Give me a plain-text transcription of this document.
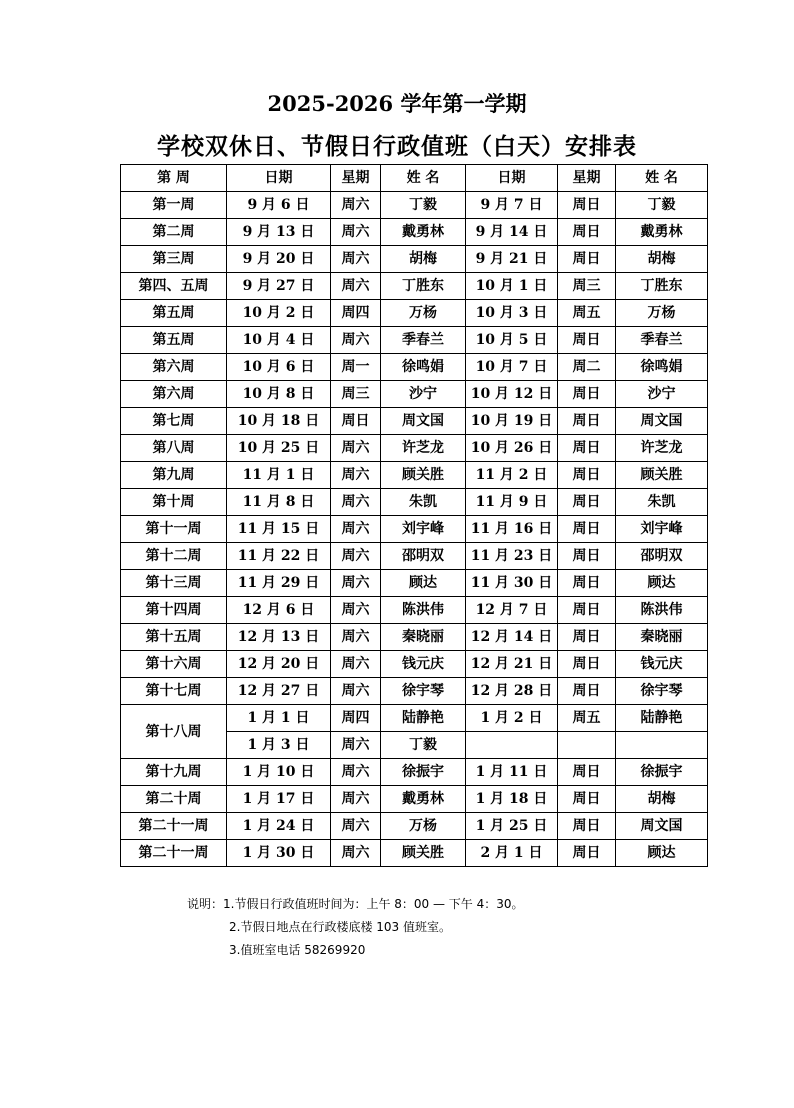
2025-2026 学年第一学期
学校双休日、节假日行政值班（白天）安排表
第 周	日期	星期	姓 名	日期	星期	姓 名
第一周	9 月 6 日	周六	丁毅	9 月 7 日	周日	丁毅
第二周	9 月 13 日	周六	戴勇林	9 月 14 日	周日	戴勇林
第三周	9 月 20 日	周六	胡梅	9 月 21 日	周日	胡梅
第四、五周	9 月 27 日	周六	丁胜东	10 月 1 日	周三	丁胜东
第五周	10 月 2 日	周四	万杨	10 月 3 日	周五	万杨
第五周	10 月 4 日	周六	季春兰	10 月 5 日	周日	季春兰
第六周	10 月 6 日	周一	徐鸣娟	10 月 7 日	周二	徐鸣娟
第六周	10 月 8 日	周三	沙宁	10 月 12 日	周日	沙宁
第七周	10 月 18 日	周日	周文国	10 月 19 日	周日	周文国
第八周	10 月 25 日	周六	许芝龙	10 月 26 日	周日	许芝龙
第九周	11 月 1 日	周六	顾关胜	11 月 2 日	周日	顾关胜
第十周	11 月 8 日	周六	朱凯	11 月 9 日	周日	朱凯
第十一周	11 月 15 日	周六	刘宇峰	11 月 16 日	周日	刘宇峰
第十二周	11 月 22 日	周六	邵明双	11 月 23 日	周日	邵明双
第十三周	11 月 29 日	周六	顾达	11 月 30 日	周日	顾达
第十四周	12 月 6 日	周六	陈洪伟	12 月 7 日	周日	陈洪伟
第十五周	12 月 13 日	周六	秦晓丽	12 月 14 日	周日	秦晓丽
第十六周	12 月 20 日	周六	钱元庆	12 月 21 日	周日	钱元庆
第十七周	12 月 27 日	周六	徐宇琴	12 月 28 日	周日	徐宇琴
第十八周	1 月 1 日	周四	陆静艳	1 月 2 日	周五	陆静艳
	1 月 3 日	周六	丁毅			
第十九周	1 月 10 日	周六	徐振宇	1 月 11 日	周日	徐振宇
第二十周	1 月 17 日	周六	戴勇林	1 月 18 日	周日	胡梅
第二十一周	1 月 24 日	周六	万杨	1 月 25 日	周日	周文国
第二十一周	1 月 30 日	周六	顾关胜	2 月 1 日	周日	顾达
说明：1.节假日行政值班时间为：上午 8：00 — 下午 4：30。
2.节假日地点在行政楼底楼 103 值班室。
3.值班室电话 58269920
